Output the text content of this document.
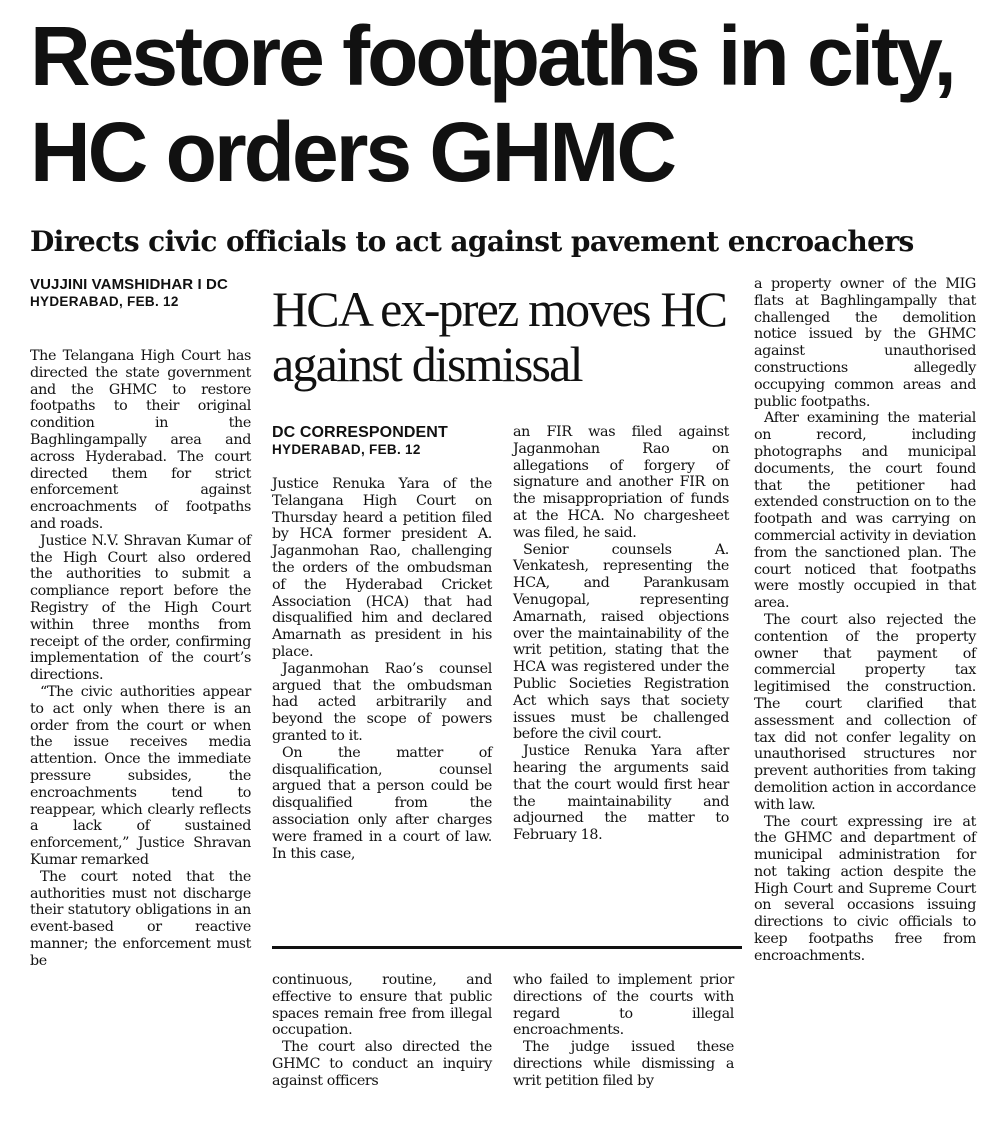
Restore footpaths in city, HC orders GHMC
Directs civic officials to act against pavement encroachers
VUJJINI VAMSHIDHAR I DC
HYDERABAD, FEB. 12

The Telangana High Court has directed the state government and the GHMC to restore footpaths to their original condition in the Baghlingampally area and across Hyderabad. The court directed them for strict enforcement against encroachments of footpaths and roads.

Justice N.V. Shravan Kumar of the High Court also ordered the authorities to submit a compliance report before the Registry of the High Court within three months from receipt of the order, confirming implementation of the court’s directions.

“The civic authorities appear to act only when there is an order from the court or when the issue receives media attention. Once the immediate pressure subsides, the encroachments tend to reappear, which clearly reflects a lack of sustained enforcement,” Justice Shravan Kumar remarked

The court noted that the authorities must not discharge their statutory obligations in an event-based or reactive manner; the enforcement must be

HCA ex-prez moves HC against dismissal
DC CORRESPONDENT
HYDERABAD, FEB. 12

Justice Renuka Yara of the Telangana High Court on Thursday heard a petition filed by HCA former president A. Jaganmohan Rao, challenging the orders of the ombudsman of the Hyderabad Cricket Association (HCA) that had disqualified him and declared Amarnath as president in his place.

Jaganmohan Rao’s counsel argued that the ombudsman had acted arbitrarily and beyond the scope of powers granted to it.

On the matter of disqualification, counsel argued that a person could be disqualified from the association only after charges were framed in a court of law. In this case,

an FIR was filed against Jaganmohan Rao on allegations of forgery of signature and another FIR on the misappropriation of funds at the HCA. No chargesheet was filed, he said.

Senior counsels A. Venkatesh, representing the HCA, and Parankusam Venugopal, representing Amarnath, raised objections over the maintainability of the writ petition, stating that the HCA was registered under the Public Societies Registration Act which says that society issues must be challenged before the civil court.

Justice Renuka Yara after hearing the arguments said that the court would first hear the maintainability and adjourned the matter to February 18.

continuous, routine, and effective to ensure that public spaces remain free from illegal occupation.

The court also directed the GHMC to conduct an inquiry against officers

who failed to implement prior directions of the courts with regard to illegal encroachments.

The judge issued these directions while dismissing a writ petition filed by

a property owner of the MIG flats at Baghlingampally that challenged the demolition notice issued by the GHMC against unauthorised constructions allegedly occupying common areas and public footpaths.

After examining the material on record, including photographs and municipal documents, the court found that the petitioner had extended construction on to the footpath and was carrying on commercial activity in deviation from the sanctioned plan. The court noticed that footpaths were mostly occupied in that area.

The court also rejected the contention of the property owner that payment of commercial property tax legitimised the construction. The court clarified that assessment and collection of tax did not confer legality on unauthorised structures nor prevent authorities from taking demolition action in accordance with law.

The court expressing ire at the GHMC and department of municipal administration for not taking action despite the High Court and Supreme Court on several occasions issuing directions to civic officials to keep footpaths free from encroachments.
